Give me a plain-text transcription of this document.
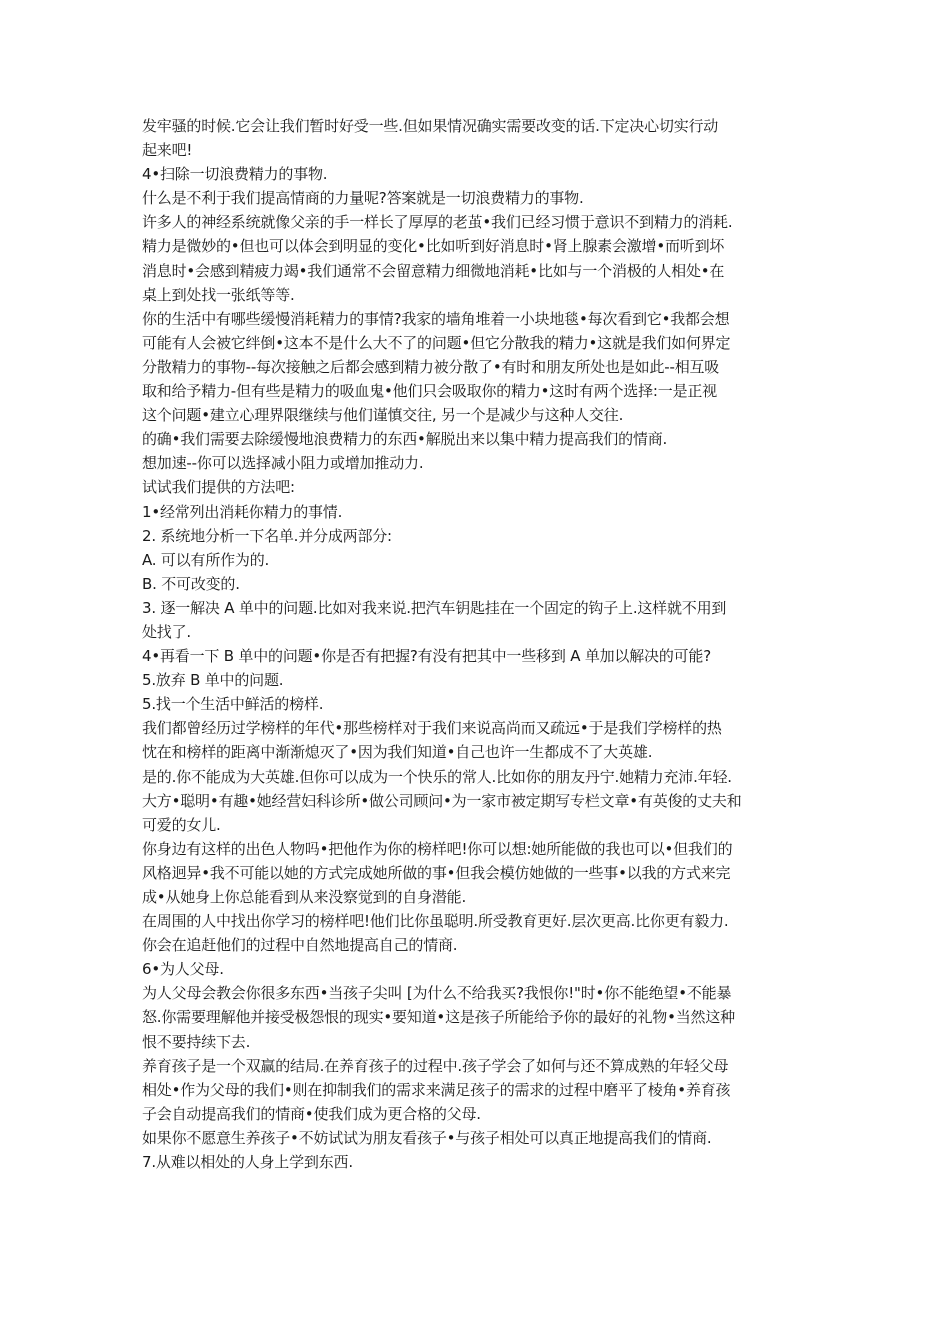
发牢骚的时候.它会让我们暂时好受一些.但如果情况确实需要改变的话.下定决心切实行动
起来吧!
4•扫除一切浪费精力的事物.
什么是不利于我们提高情商的力量呢?答案就是一切浪费精力的事物.
许多人的神经系统就像父亲的手一样长了厚厚的老茧•我们已经习惯于意识不到精力的消耗.
精力是微妙的•但也可以体会到明显的变化•比如听到好消息时•肾上腺素会激增•而听到坏
消息时•会感到精疲力竭•我们通常不会留意精力细微地消耗•比如与一个消极的人相处•在
桌上到处找一张纸等等.
你的生活中有哪些缓慢消耗精力的事情?我家的墙角堆着一小块地毯•每次看到它•我都会想
可能有人会被它绊倒•这本不是什么大不了的问题•但它分散我的精力•这就是我们如何界定
分散精力的事物--每次接触之后都会感到精力被分散了•有时和朋友所处也是如此--相互吸
取和给予精力-但有些是精力的吸血鬼•他们只会吸取你的精力•这时有两个选择:一是正视
这个问题•建立心理界限继续与他们谨慎交往, 另一个是减少与这种人交往.
的确•我们需要去除缓慢地浪费精力的东西•解脱出来以集中精力提高我们的情商.
想加速--你可以选择减小阻力或增加推动力.
试试我们提供的方法吧:
1•经常列出消耗你精力的事情.
2. 系统地分析一下名单.并分成两部分:
A. 可以有所作为的.
B. 不可改变的.
3. 逐一解决 A 单中的问题.比如对我来说.把汽车钥匙挂在一个固定的钩子上.这样就不用到
处找了.
4•再看一下 B 单中的问题•你是否有把握?有没有把其中一些移到 A 单加以解决的可能?
5.放弃 B 单中的问题.
5.找一个生活中鲜活的榜样.
我们都曾经历过学榜样的年代•那些榜样对于我们来说高尚而又疏远•于是我们学榜样的热
忱在和榜样的距离中渐渐熄灭了•因为我们知道•自己也许一生都成不了大英雄.
是的.你不能成为大英雄.但你可以成为一个快乐的常人.比如你的朋友丹宁.她精力充沛.年轻.
大方•聪明•有趣•她经营妇科诊所•做公司顾问•为一家市被定期写专栏文章•有英俊的丈夫和
可爱的女儿.
你身边有这样的出色人物吗•把他作为你的榜样吧!你可以想:她所能做的我也可以•但我们的
风格迥异•我不可能以她的方式完成她所做的事•但我会模仿她做的一些事•以我的方式来完
成•从她身上你总能看到从来没察觉到的自身潜能.
在周围的人中找出你学习的榜样吧!他们比你虽聪明.所受教育更好.层次更高.比你更有毅力.
你会在追赶他们的过程中自然地提高自己的情商.
6•为人父母.
为人父母会教会你很多东西•当孩子尖叫 [为什么不给我买?我恨你!"时•你不能绝望•不能暴
怒.你需要理解他并接受极怨恨的现实•要知道•这是孩子所能给予你的最好的礼物•当然这种
恨不要持续下去.
养育孩子是一个双赢的结局.在养育孩子的过程中.孩子学会了如何与还不算成熟的年轻父母
相处•作为父母的我们•则在抑制我们的需求来满足孩子的需求的过程中磨平了棱角•养育孩
子会自动提高我们的情商•使我们成为更合格的父母.
如果你不愿意生养孩子•不妨试试为朋友看孩子•与孩子相处可以真正地提高我们的情商.
7.从难以相处的人身上学到东西.
